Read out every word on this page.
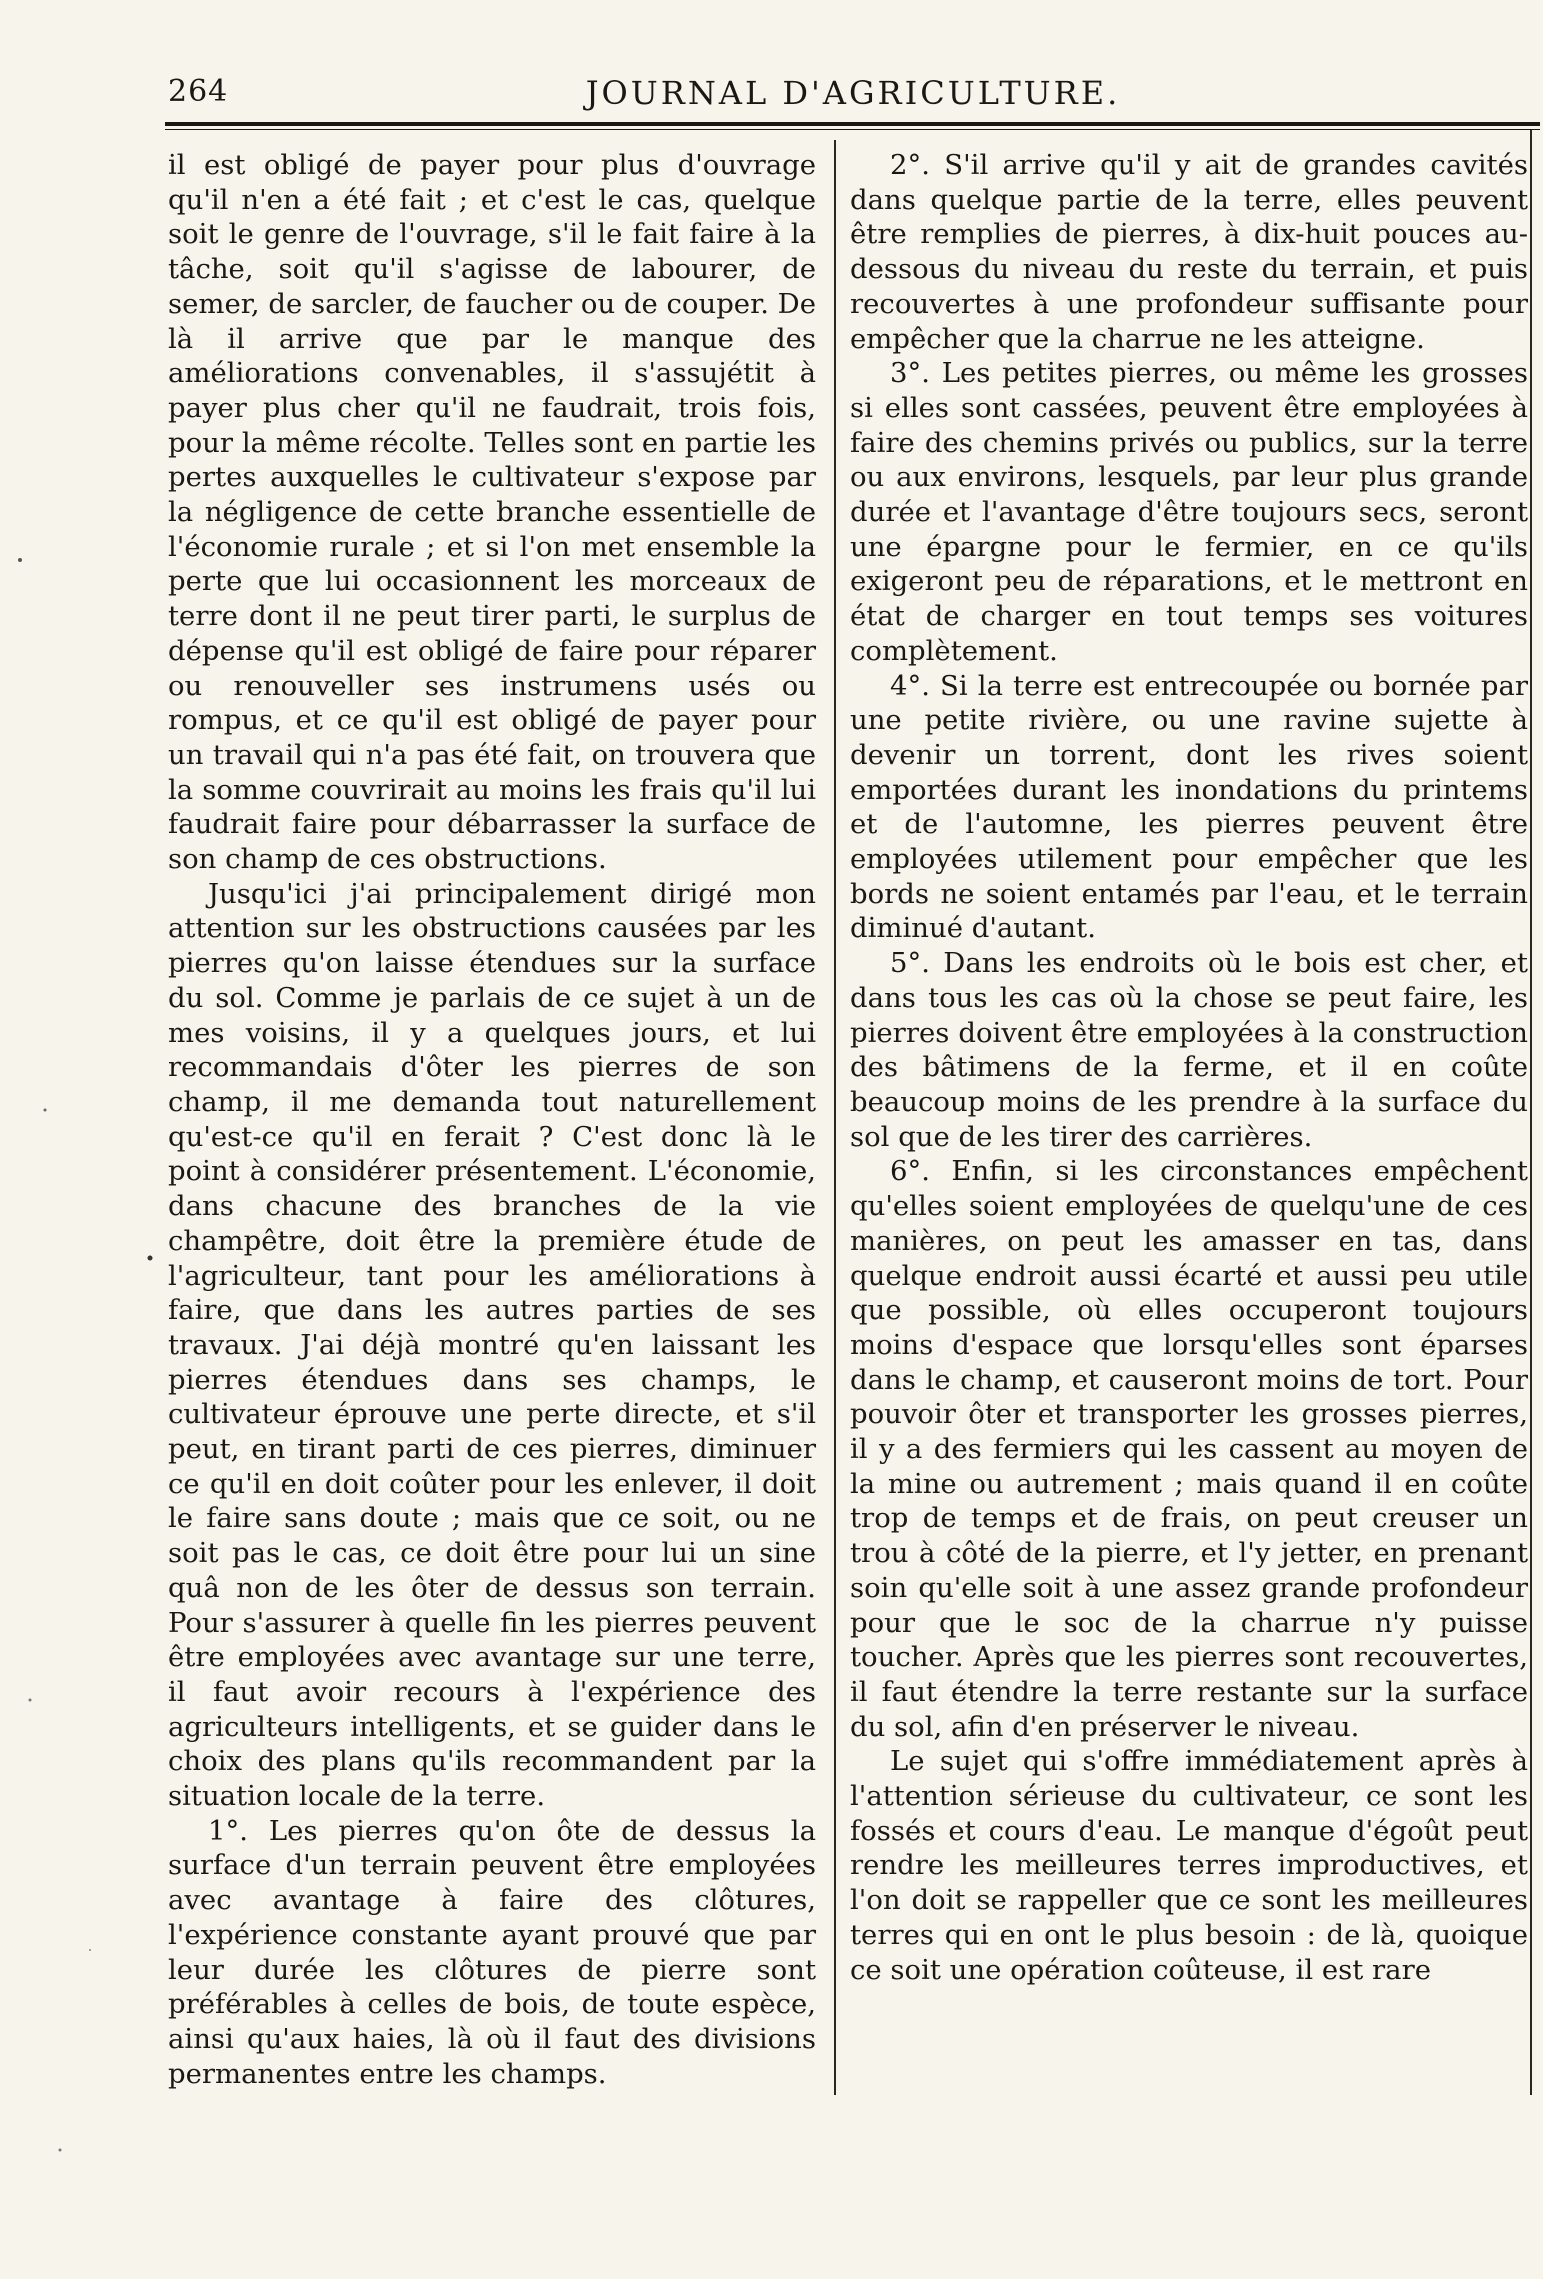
264	JOURNAL D'AGRICULTURE.

il est obligé de payer pour plus d'ouvrage qu'il n'en a été fait ; et c'est le cas, quelque soit le genre de l'ouvrage, s'il le fait faire à la tâche, soit qu'il s'agisse de labourer, de semer, de sarcler, de faucher ou de couper. De là il arrive que par le manque des améliorations convenables, il s'assujétit à payer plus cher qu'il ne faudrait, trois fois, pour la même récolte. Telles sont en partie les pertes auxquelles le cultivateur s'expose par la négligence de cette branche essentielle de l'économie rurale ; et si l'on met ensemble la perte que lui occasionnent les morceaux de terre dont il ne peut tirer parti, le surplus de dépense qu'il est obligé de faire pour réparer ou renouveller ses instrumens usés ou rompus, et ce qu'il est obligé de payer pour un travail qui n'a pas été fait, on trouvera que la somme couvrirait au moins les frais qu'il lui faudrait faire pour débarrasser la surface de son champ de ces obstructions.

Jusqu'ici j'ai principalement dirigé mon attention sur les obstructions causées par les pierres qu'on laisse étendues sur la surface du sol. Comme je parlais de ce sujet à un de mes voisins, il y a quelques jours, et lui recommandais d'ôter les pierres de son champ, il me demanda tout naturellement qu'est-ce qu'il en ferait ? C'est donc là le point à considérer présentement. L'économie, dans chacune des branches de la vie champêtre, doit être la première étude de l'agriculteur, tant pour les améliorations à faire, que dans les autres parties de ses travaux. J'ai déjà montré qu'en laissant les pierres étendues dans ses champs, le cultivateur éprouve une perte directe, et s'il peut, en tirant parti de ces pierres, diminuer ce qu'il en doit coûter pour les enlever, il doit le faire sans doute ; mais que ce soit, ou ne soit pas le cas, ce doit être pour lui un sine quâ non de les ôter de dessus son terrain. Pour s'assurer à quelle fin les pierres peuvent être employées avec avantage sur une terre, il faut avoir recours à l'expérience des agriculteurs intelligents, et se guider dans le choix des plans qu'ils recommandent par la situation locale de la terre.

1°. Les pierres qu'on ôte de dessus la surface d'un terrain peuvent être employées avec avantage à faire des clôtures, l'expérience constante ayant prouvé que par leur durée les clôtures de pierre sont préférables à celles de bois, de toute espèce, ainsi qu'aux haies, là où il faut des divisions permanentes entre les champs.

2°. S'il arrive qu'il y ait de grandes cavités dans quelque partie de la terre, elles peuvent être remplies de pierres, à dix-huit pouces au-dessous du niveau du reste du terrain, et puis recouvertes à une profondeur suffisante pour empêcher que la charrue ne les atteigne.

3°. Les petites pierres, ou même les grosses si elles sont cassées, peuvent être employées à faire des chemins privés ou publics, sur la terre ou aux environs, lesquels, par leur plus grande durée et l'avantage d'être toujours secs, seront une épargne pour le fermier, en ce qu'ils exigeront peu de réparations, et le mettront en état de charger en tout temps ses voitures complètement.

4°. Si la terre est entrecoupée ou bornée par une petite rivière, ou une ravine sujette à devenir un torrent, dont les rives soient emportées durant les inondations du printems et de l'automne, les pierres peuvent être employées utilement pour empêcher que les bords ne soient entamés par l'eau, et le terrain diminué d'autant.

5°. Dans les endroits où le bois est cher, et dans tous les cas où la chose se peut faire, les pierres doivent être employées à la construction des bâtimens de la ferme, et il en coûte beaucoup moins de les prendre à la surface du sol que de les tirer des carrières.

6°. Enfin, si les circonstances empêchent qu'elles soient employées de quelqu'une de ces manières, on peut les amasser en tas, dans quelque endroit aussi écarté et aussi peu utile que possible, où elles occuperont toujours moins d'espace que lorsqu'elles sont éparses dans le champ, et causeront moins de tort. Pour pouvoir ôter et transporter les grosses pierres, il y a des fermiers qui les cassent au moyen de la mine ou autrement ; mais quand il en coûte trop de temps et de frais, on peut creuser un trou à côté de la pierre, et l'y jetter, en prenant soin qu'elle soit à une assez grande profondeur pour que le soc de la charrue n'y puisse toucher. Après que les pierres sont recouvertes, il faut étendre la terre restante sur la surface du sol, afin d'en préserver le niveau.

Le sujet qui s'offre immédiatement après à l'attention sérieuse du cultivateur, ce sont les fossés et cours d'eau. Le manque d'égoût peut rendre les meilleures terres improductives, et l'on doit se rappeller que ce sont les meilleures terres qui en ont le plus besoin : de là, quoique ce soit une opération coûteuse, il est rare
